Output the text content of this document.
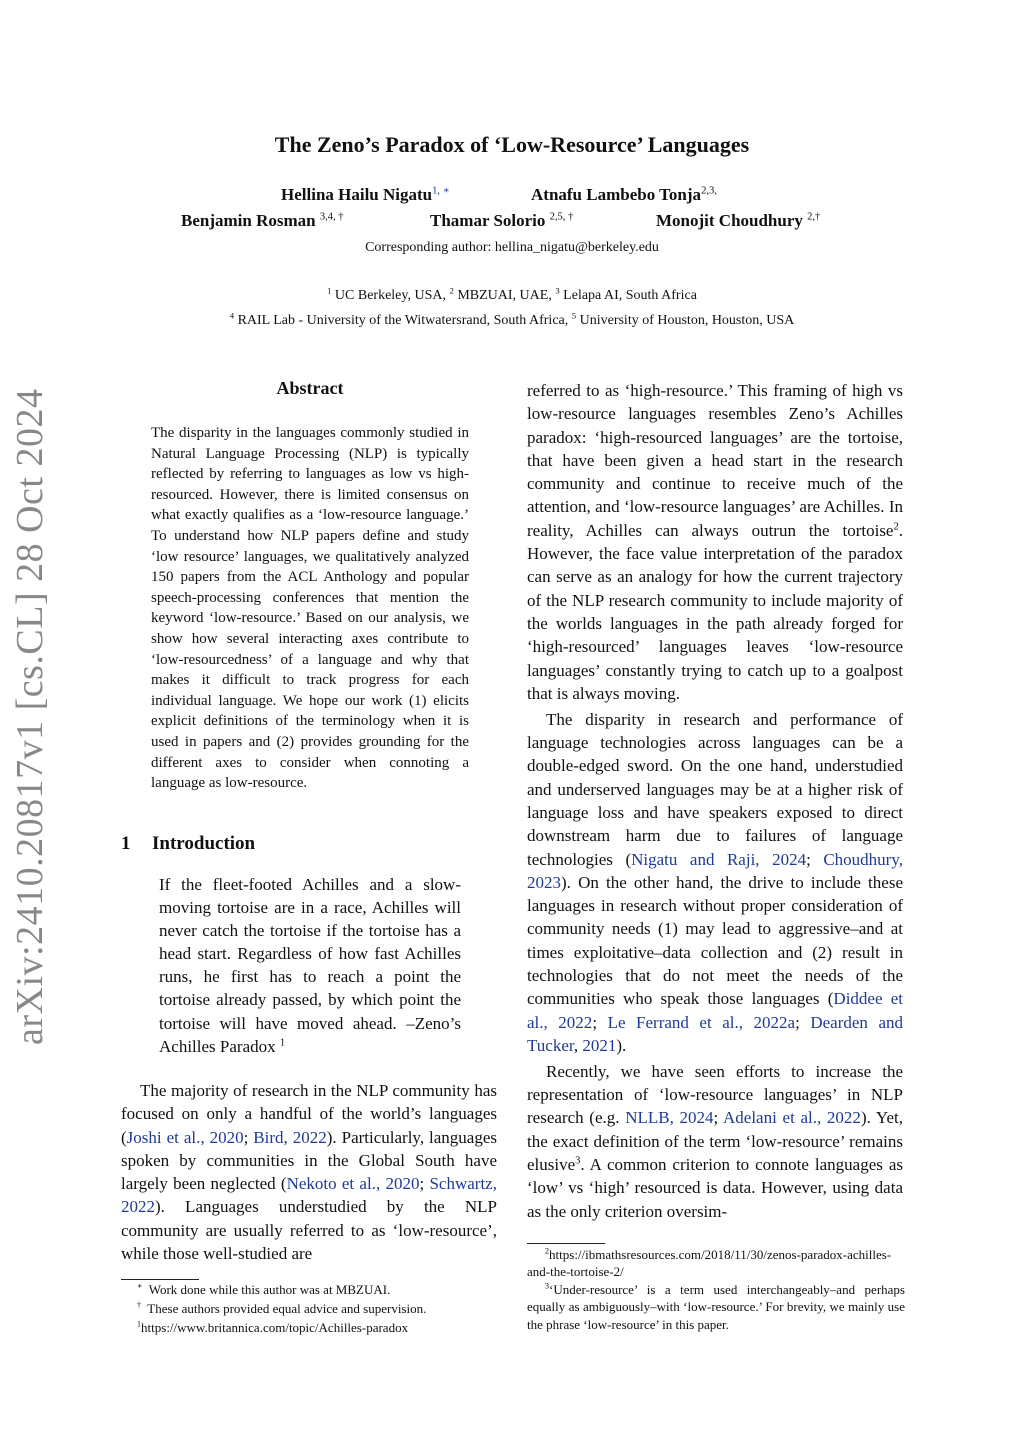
The Zeno’s Paradox of ‘Low-Resource’ Languages
Hellina Hailu Nigatu$^{1, ∗}$	Atnafu Lambebo Tonja$^{2,3,}$
Benjamin Rosman $^{3,4, \dagger}$	Thamar Solorio $^{2,5, \dagger}$	Monojit Choudhury $^{2,\dagger}$
Corresponding author: hellina_nigatu@berkeley.edu
$^1$ UC Berkeley, USA, $^2$ MBZUAI, UAE, $^3$ Lelapa AI, South Africa
$^4$ RAIL Lab - University of the Witwatersrand, South Africa, $^5$ University of Houston, Houston, USA
arXiv:2410.20817v1 [cs.CL] 28 Oct 2024
Abstract
The disparity in the languages commonly studied in Natural Language Processing (NLP) is typically reflected by referring to languages as low vs high-resourced. However, there is limited consensus on what exactly qualifies as a ‘low-resource language.’ To understand how NLP papers define and study ‘low resource’ languages, we qualitatively analyzed 150 papers from the ACL Anthology and popular speech-processing conferences that mention the keyword ‘low-resource.’ Based on our analysis, we show how several interacting axes contribute to ‘low-resourcedness’ of a language and why that makes it difficult to track progress for each individual language. We hope our work (1) elicits explicit definitions of the terminology when it is used in papers and (2) provides grounding for the different axes to consider when connoting a language as low-resource.
1 Introduction
If the fleet-footed Achilles and a slow-moving tortoise are in a race, Achilles will never catch the tortoise if the tortoise has a head start. Regardless of how fast Achilles runs, he first has to reach a point the tortoise already passed, by which point the tortoise will have moved ahead. –Zeno’s Achilles Paradox $^1$
The majority of research in the NLP community has focused on only a handful of the world’s languages (Joshi et al., 2020; Bird, 2022). Particularly, languages spoken by communities in the Global South have largely been neglected (Nekoto et al., 2020; Schwartz, 2022). Languages understudied by the NLP community are usually referred to as ‘low-resource’, while those well-studied are

∗ Work done while this author was at MBZUAI.

† These authors provided equal advice and supervision.

$^1$https://www.britannica.com/topic/Achilles-paradox

referred to as ‘high-resource.’ This framing of high vs low-resource languages resembles Zeno’s Achilles paradox: ‘high-resourced languages’ are the tortoise, that have been given a head start in the research community and continue to receive much of the attention, and ‘low-resource languages’ are Achilles. In reality, Achilles can always outrun the tortoise$^2$. However, the face value interpretation of the paradox can serve as an analogy for how the current trajectory of the NLP research community to include majority of the worlds languages in the path already forged for ‘high-resourced’ languages leaves ‘low-resource languages’ constantly trying to catch up to a goalpost that is always moving.

The disparity in research and performance of language technologies across languages can be a double-edged sword. On the one hand, understudied and underserved languages may be at a higher risk of language loss and have speakers exposed to direct downstream harm due to failures of language technologies (Nigatu and Raji, 2024; Choudhury, 2023). On the other hand, the drive to include these languages in research without proper consideration of community needs (1) may lead to aggressive–and at times exploitative–data collection and (2) result in technologies that do not meet the needs of the communities who speak those languages (Diddee et al., 2022; Le Ferrand et al., 2022a; Dearden and Tucker, 2021).

Recently, we have seen efforts to increase the representation of ‘low-resource languages’ in NLP research (e.g. NLLB, 2024; Adelani et al., 2022). Yet, the exact definition of the term ‘low-resource’ remains elusive$^3$. A common criterion to connote languages as ‘low’ vs ‘high’ resourced is data. However, using data as the only criterion oversim-

$^2$https://ibmathsresources.com/2018/11/30/zenos-paradox-achilles-and-the-tortoise-2/

$^3$‘Under-resource’ is a term used interchangeably–and perhaps equally as ambiguously–with ‘low-resource.’ For brevity, we mainly use the phrase ‘low-resource’ in this paper.
